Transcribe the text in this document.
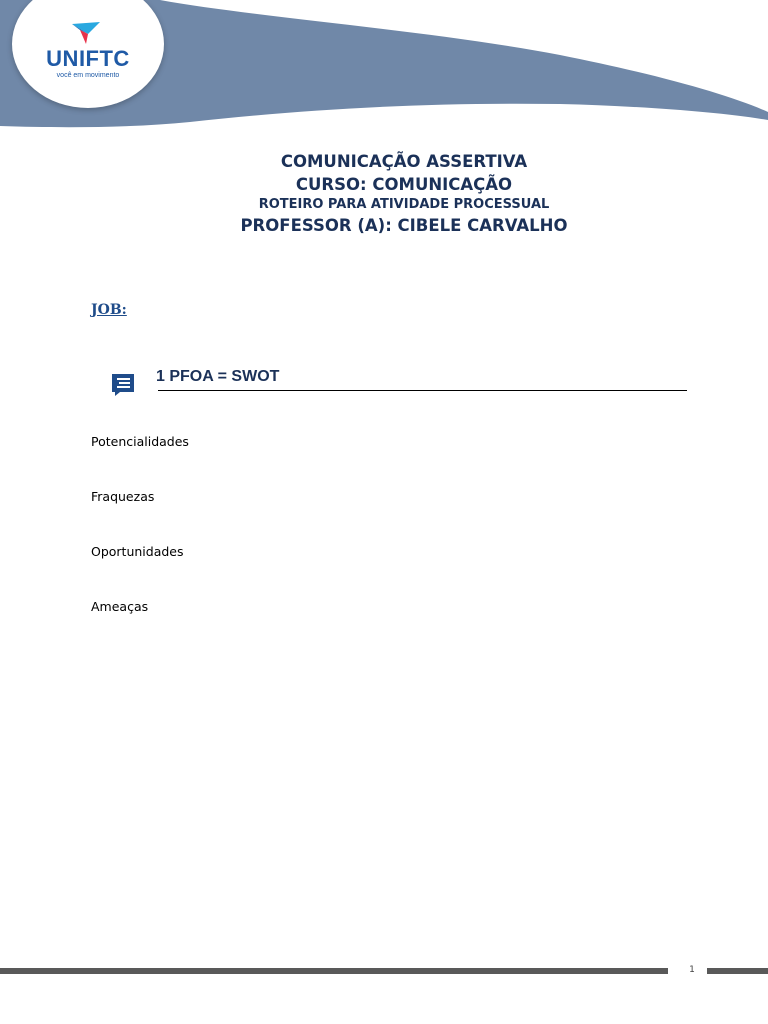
UNIFTC
você em movimento
COMUNICAÇÃO ASSERTIVA
CURSO: COMUNICAÇÃO
ROTEIRO PARA ATIVIDADE PROCESSUAL
PROFESSOR (A): CIBELE CARVALHO
JOB:
1 PFOA = SWOT
Potencialidades
Fraquezas
Oportunidades
Ameaças
1
